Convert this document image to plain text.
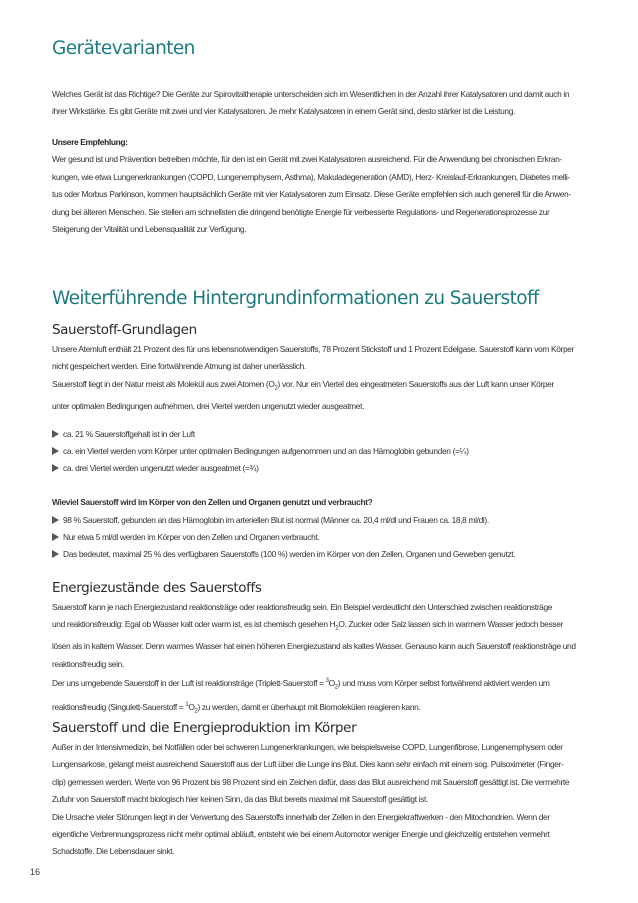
Gerätevarianten
Welches Gerät ist das Richtige? Die Geräte zur Spirovitaltherapie unterscheiden sich im Wesentlichen in der Anzahl ihrer Katalysatoren und damit auch in
ihrer Wirkstärke. Es gibt Geräte mit zwei und vier Katalysatoren. Je mehr Katalysatoren in einem Gerät sind, desto stärker ist die Leistung.
Unsere Empfehlung:
Wer gesund ist und Prävention betreiben möchte, für den ist ein Gerät mit zwei Katalysatoren ausreichend. Für die Anwendung bei chronischen Erkran-
kungen, wie etwa Lungenerkrankungen (COPD, Lungenemphysem, Asthma), Makuladegeneration (AMD), Herz- Kreislauf-Erkrankungen, Diabetes melli-
tus oder Morbus Parkinson, kommen hauptsächlich Geräte mit vier Katalysatoren zum Einsatz. Diese Geräte empfehlen sich auch generell für die Anwen-
dung bei älteren Menschen. Sie stellen am schnellsten die dringend benötigte Energie für verbesserte Regulations- und Regenerationsprozesse zur
Steigerung der Vitalität und Lebensqualität zur Verfügung.
Weiterführende Hintergrundinformationen zu Sauerstoff
Sauerstoff-Grundlagen
Unsere Atemluft enthält 21 Prozent des für uns lebensnotwendigen Sauerstoffs, 78 Prozent Stickstoff und 1 Prozent Edelgase. Sauerstoff kann vom Körper
nicht gespeichert werden. Eine fortwährende Atmung ist daher unerlässlich.
Sauerstoff liegt in der Natur meist als Molekül aus zwei Atomen $(O_2)$ vor. Nur ein Viertel des eingeatmeten Sauerstoffs aus der Luft kann unser Körper
unter optimalen Bedingungen aufnehmen, drei Viertel werden ungenutzt wieder ausgeatmet.
ca. 21 % Sauerstoffgehalt ist in der Luft
ca. ein Viertel werden vom Körper unter optimalen Bedingungen aufgenommen und an das Hämoglobin gebunden (=¼)
ca. drei Viertel werden ungenutzt wieder ausgeatmet (=¾)
Wieviel Sauerstoff wird im Körper von den Zellen und Organen genutzt und verbraucht?
98 % Sauerstoff, gebunden an das Hämoglobin im arteriellen Blut ist normal (Männer ca. 20,4 ml/dl und Frauen ca. 18,8 ml/dl).
Nur etwa 5 ml/dl werden im Körper von den Zellen und Organen verbraucht.
Das bedeutet, maximal 25 % des verfügbaren Sauerstoffs (100 %) werden im Körper von den Zellen, Organen und Geweben genutzt.
Energiezustände des Sauerstoffs
Sauerstoff kann je nach Energiezustand reaktionsträge oder reaktionsfreudig sein. Ein Beispiel verdeutlicht den Unterschied zwischen reaktionsträge
und reaktionsfreudig: Egal ob Wasser kalt oder warm ist, es ist chemisch gesehen $H_2O$. Zucker oder Salz lassen sich in warmem Wasser jedoch besser
lösen als in kaltem Wasser. Denn warmes Wasser hat einen höheren Energiezustand als kaltes Wasser. Genauso kann auch Sauerstoff reaktionsträge und
reaktionsfreudig sein.
Der uns umgebende Sauerstoff in der Luft ist reaktionsträge (Triplett-Sauerstoff = $^3O_2$) und muss vom Körper selbst fortwährend aktiviert werden um
reaktionsfreudig (Singulett-Sauerstoff = $^1O_2$) zu werden, damit er überhaupt mit Biomolekülen reagieren kann.
Sauerstoff und die Energieproduktion im Körper
Außer in der Intensivmedizin, bei Notfällen oder bei schweren Lungenerkrankungen, wie beispielsweise COPD, Lungenfibrose, Lungenemphysem oder
Lungensarkose, gelangt meist ausreichend Sauerstoff aus der Luft über die Lunge ins Blut. Dies kann sehr einfach mit einem sog. Pulsoximeter (Finger-
clip) gemessen werden. Werte von 96 Prozent bis 98 Prozent sind ein Zeichen dafür, dass das Blut ausreichend mit Sauerstoff gesättigt ist. Die vermehrte
Zufuhr von Sauerstoff macht biologisch hier keinen Sinn, da das Blut bereits maximal mit Sauerstoff gesättigt ist.
Die Ursache vieler Störungen liegt in der Verwertung des Sauerstoffs innerhalb der Zellen in den Energiekraftwerken - den Mitochondrien. Wenn der
eigentliche Verbrennungsprozess nicht mehr optimal abläuft, entsteht wie bei einem Automotor weniger Energie und gleichzeitig entstehen vermehrt
Schadstoffe. Die Lebensdauer sinkt.
16
